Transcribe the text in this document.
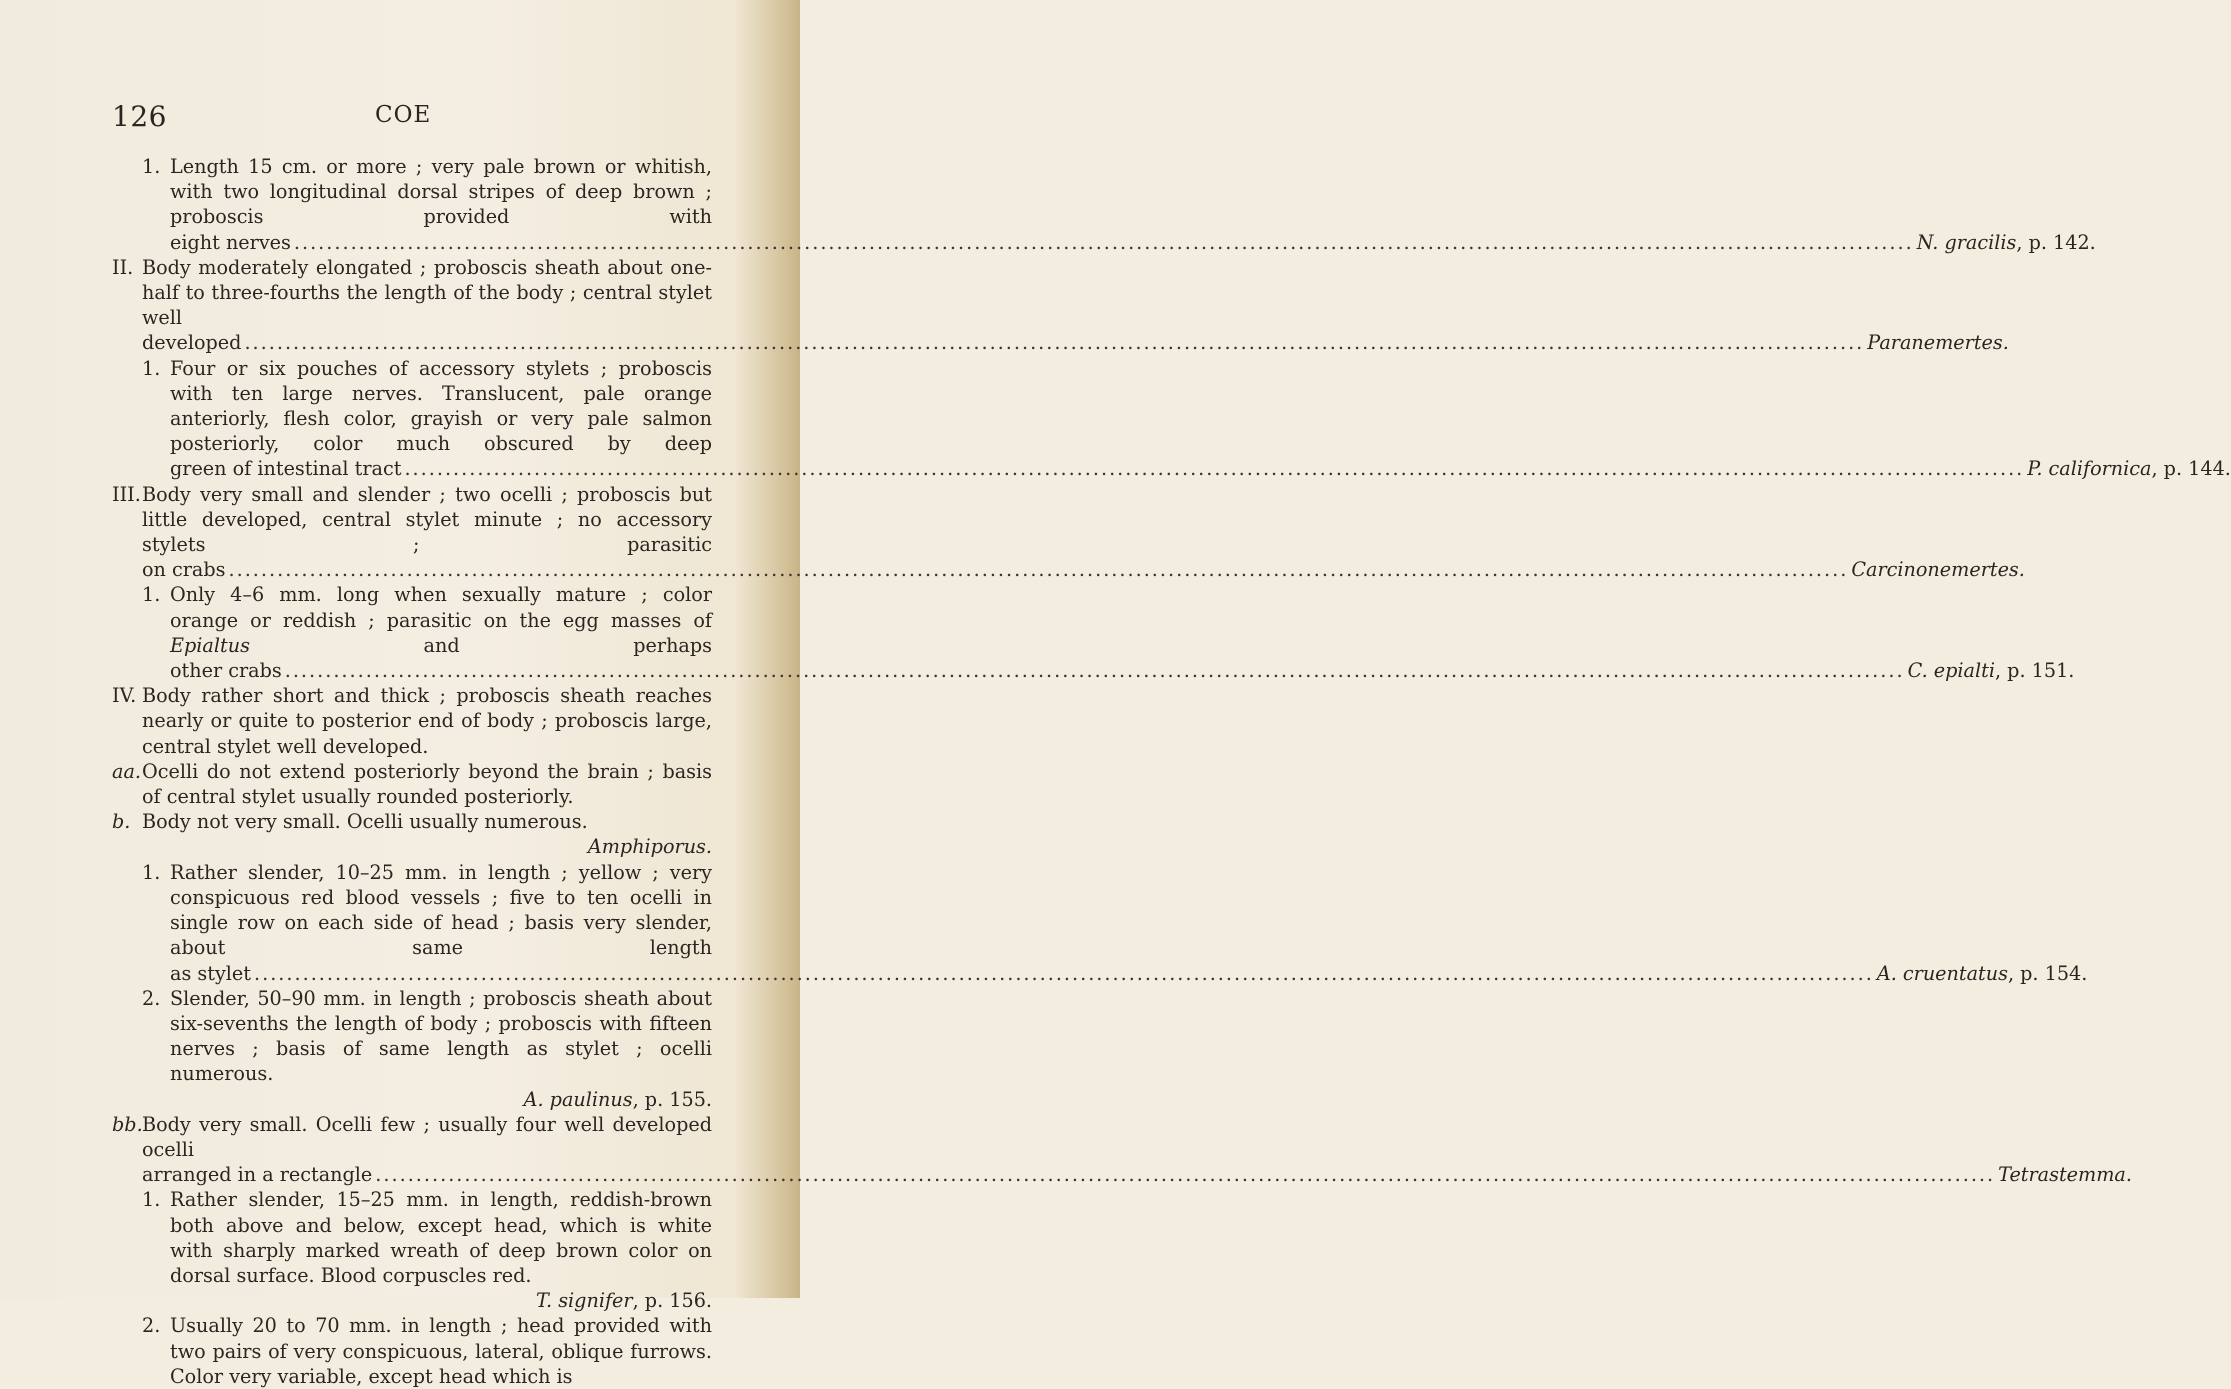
126	COE
1. Length 15 cm. or more ; very pale brown or whitish, with two longitudinal dorsal stripes of deep brown ; proboscis provided with
eight nerves ........................................................................................................................................................................................................ N. gracilis, p. 142.
II. Body moderately elongated ; proboscis sheath about one-half to three-fourths the length of the body ; central stylet well
developed ........................................................................................................................................................................................................ Paranemertes.
1. Four or six pouches of accessory stylets ; proboscis with ten large nerves. Translucent, pale orange anteriorly, flesh color, grayish or very pale salmon posteriorly, color much obscured by deep
green of intestinal tract ........................................................................................................................................................................................................ P. californica, p. 144.
III. Body very small and slender ; two ocelli ; proboscis but little developed, central stylet minute ; no accessory stylets ; parasitic
on crabs ........................................................................................................................................................................................................ Carcinonemertes.
1. Only 4–6 mm. long when sexually mature ; color orange or reddish ; parasitic on the egg masses of Epialtus and perhaps
other crabs ........................................................................................................................................................................................................ C. epialti, p. 151.
IV. Body rather short and thick ; proboscis sheath reaches nearly or quite to posterior end of body ; proboscis large, central stylet well developed.
aa. Ocelli do not extend posteriorly beyond the brain ; basis of central stylet usually rounded posteriorly.
b. Body not very small. Ocelli usually numerous.
Amphiporus.
1. Rather slender, 10–25 mm. in length ; yellow ; very conspicuous red blood vessels ; five to ten ocelli in single row on each side of head ; basis very slender, about same length
as stylet ........................................................................................................................................................................................................ A. cruentatus, p. 154.
2. Slender, 50–90 mm. in length ; proboscis sheath about six-sevenths the length of body ; proboscis with fifteen nerves ; basis of same length as stylet ; ocelli numerous.
A. paulinus, p. 155.
bb. Body very small. Ocelli few ; usually four well developed ocelli
arranged in a rectangle ........................................................................................................................................................................................................ Tetrastemma.
1. Rather slender, 15–25 mm. in length, reddish-brown both above and below, except head, which is white with sharply marked wreath of deep brown color on dorsal surface. Blood corpuscles red.
T. signifer, p. 156.
2. Usually 20 to 70 mm. in length ; head provided with two pairs of very conspicuous, lateral, oblique furrows. Color very variable, except head which is
